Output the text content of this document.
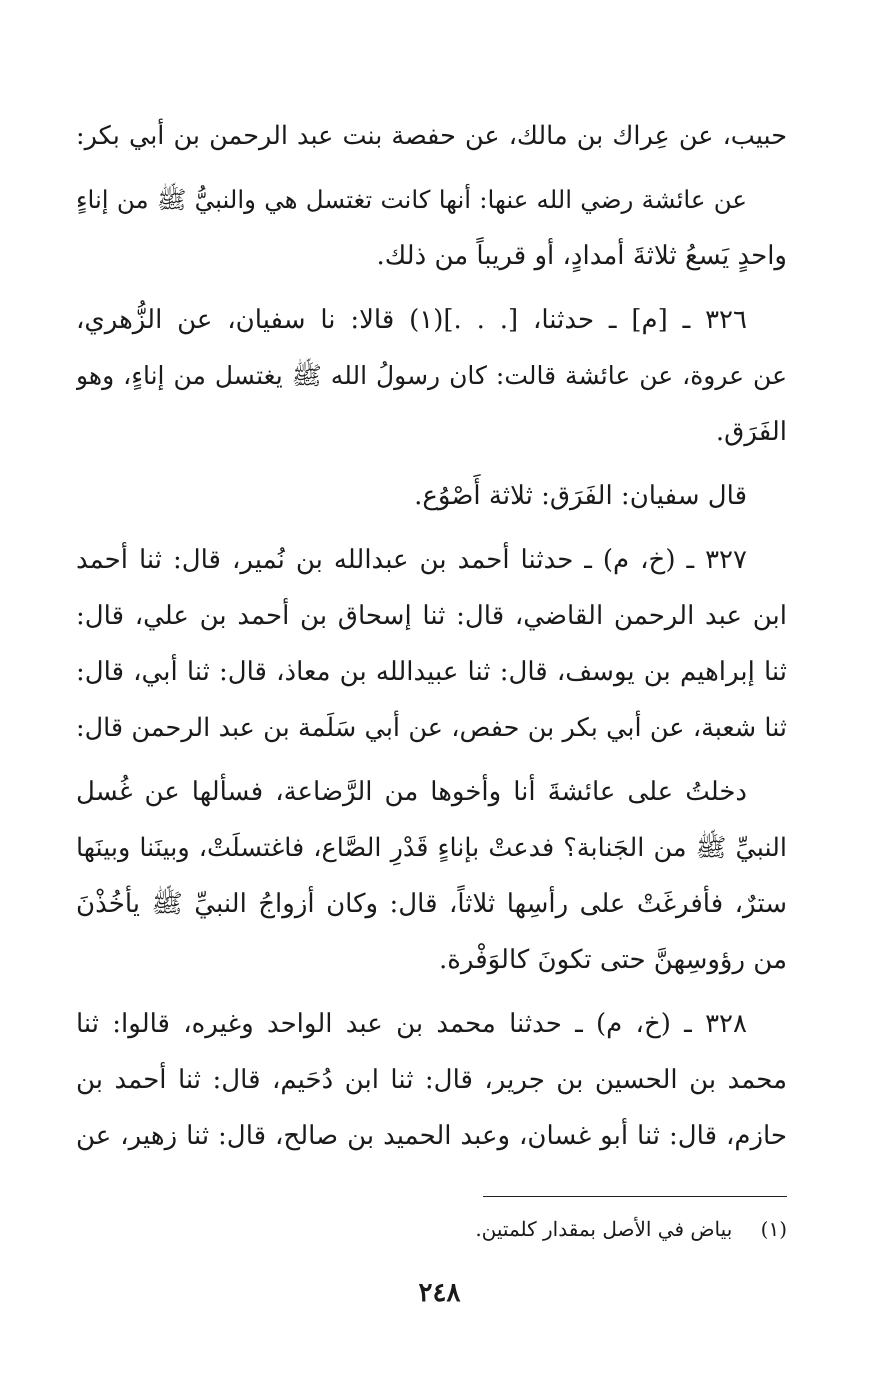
حبيب، عن عِراك بن مالك، عن حفصة بنت عبد الرحمن بن أبي بكر:
عن عائشة رضي الله عنها: أنها كانت تغتسل هي والنبيُّ ﷺ من إناءٍ
واحدٍ يَسعُ ثلاثةَ أمدادٍ، أو قريباً من ذلك.
٣٢٦ ـ [م] ـ حدثنا، [. . .](١) قالا: نا سفيان، عن الزُّهري،
عن عروة، عن عائشة قالت: كان رسولُ الله ﷺ يغتسل من إناءٍ، وهو
الفَرَق.
قال سفيان: الفَرَق: ثلاثة أَصْوُع.
٣٢٧ ـ (خ، م) ـ حدثنا أحمد بن عبدالله بن نُمير، قال: ثنا أحمد
ابن عبد الرحمن القاضي، قال: ثنا إسحاق بن أحمد بن علي، قال:
ثنا إبراهيم بن يوسف، قال: ثنا عبيدالله بن معاذ، قال: ثنا أبي، قال:
ثنا شعبة، عن أبي بكر بن حفص، عن أبي سَلَمة بن عبد الرحمن قال:
دخلتُ على عائشةَ أنا وأخوها من الرَّضاعة، فسألها عن غُسل
النبيِّ ﷺ من الجَنابة؟ فدعتْ بإناءٍ قَدْرِ الصَّاع، فاغتسلَتْ، وبينَنا وبينَها
سترٌ، فأفرغَتْ على رأسِها ثلاثاً، قال: وكان أزواجُ النبيِّ ﷺ يأخُذْنَ
من رؤوسِهنَّ حتى تكونَ كالوَفْرة.
٣٢٨ ـ (خ، م) ـ حدثنا محمد بن عبد الواحد وغيره، قالوا: ثنا
محمد بن الحسين بن جرير، قال: ثنا ابن دُحَيم، قال: ثنا أحمد بن
حازم، قال: ثنا أبو غسان، وعبد الحميد بن صالح، قال: ثنا زهير، عن
(١) بياض في الأصل بمقدار كلمتين.
٢٤٨
